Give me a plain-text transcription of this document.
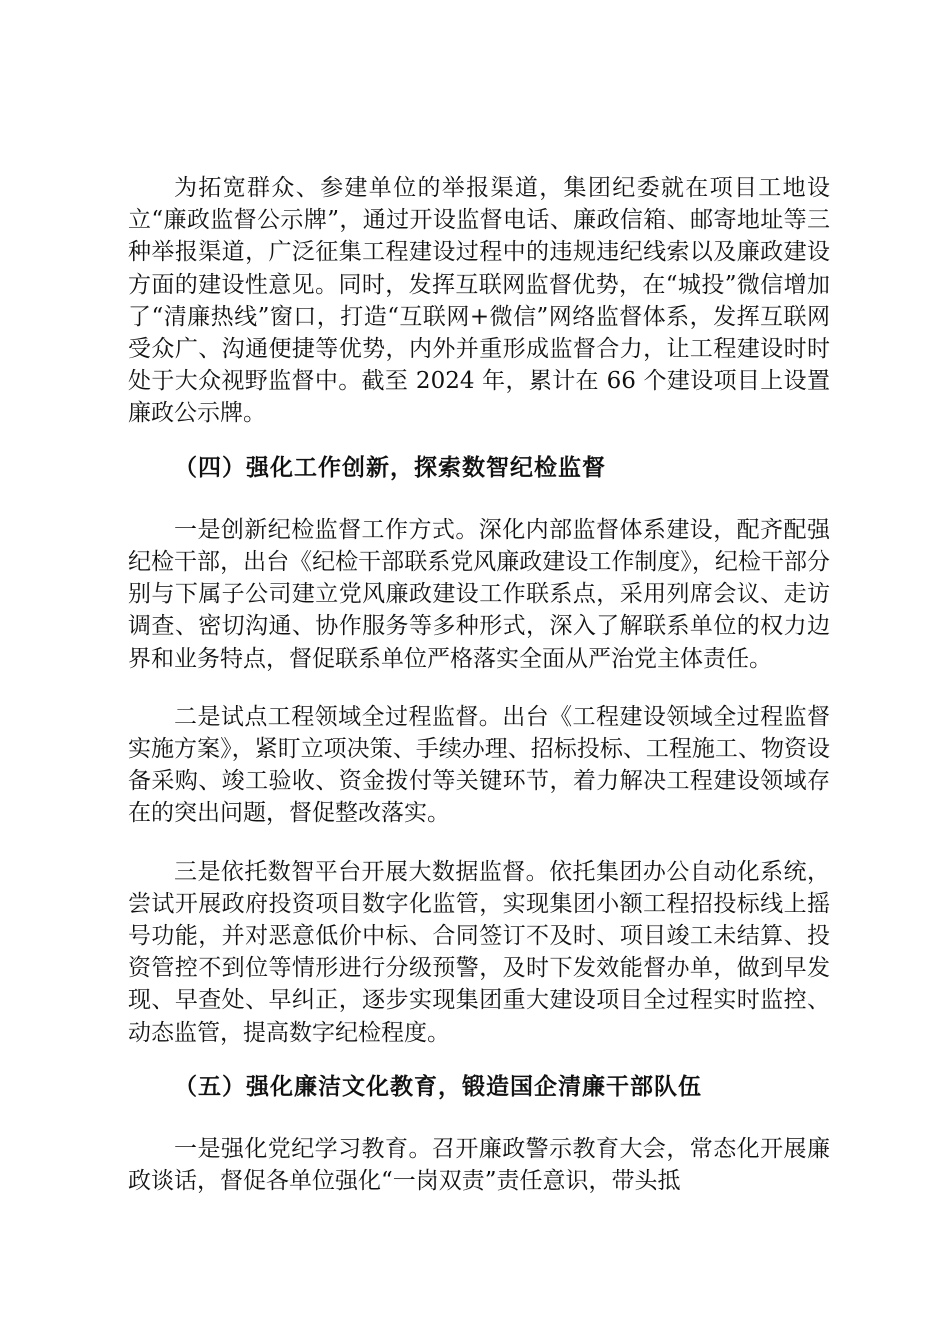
为拓宽群众、参建单位的举报渠道，集团纪委就在项目工地设立“廉政监督公示牌”，通过开设监督电话、廉政信箱、邮寄地址等三种举报渠道，广泛征集工程建设过程中的违规违纪线索以及廉政建设方面的建设性意见。同时，发挥互联网监督优势，在“城投”微信增加了“清廉热线”窗口，打造“互联网+微信”网络监督体系，发挥互联网受众广、沟通便捷等优势，内外并重形成监督合力，让工程建设时时处于大众视野监督中。截至 2024 年，累计在 66 个建设项目上设置廉政公示牌。

（四）强化工作创新，探索数智纪检监督

一是创新纪检监督工作方式。深化内部监督体系建设，配齐配强纪检干部，出台《纪检干部联系党风廉政建设工作制度》，纪检干部分别与下属子公司建立党风廉政建设工作联系点，采用列席会议、走访调查、密切沟通、协作服务等多种形式，深入了解联系单位的权力边界和业务特点，督促联系单位严格落实全面从严治党主体责任。

二是试点工程领域全过程监督。出台《工程建设领域全过程监督实施方案》，紧盯立项决策、手续办理、招标投标、工程施工、物资设备采购、竣工验收、资金拨付等关键环节，着力解决工程建设领域存在的突出问题，督促整改落实。

三是依托数智平台开展大数据监督。依托集团办公自动化系统，尝试开展政府投资项目数字化监管，实现集团小额工程招投标线上摇号功能，并对恶意低价中标、合同签订不及时、项目竣工未结算、投资管控不到位等情形进行分级预警，及时下发效能督办单，做到早发现、早查处、早纠正，逐步实现集团重大建设项目全过程实时监控、动态监管，提高数字纪检程度。

（五）强化廉洁文化教育，锻造国企清廉干部队伍

一是强化党纪学习教育。召开廉政警示教育大会，常态化开展廉政谈话，督促各单位强化“一岗双责”责任意识，带头抵
